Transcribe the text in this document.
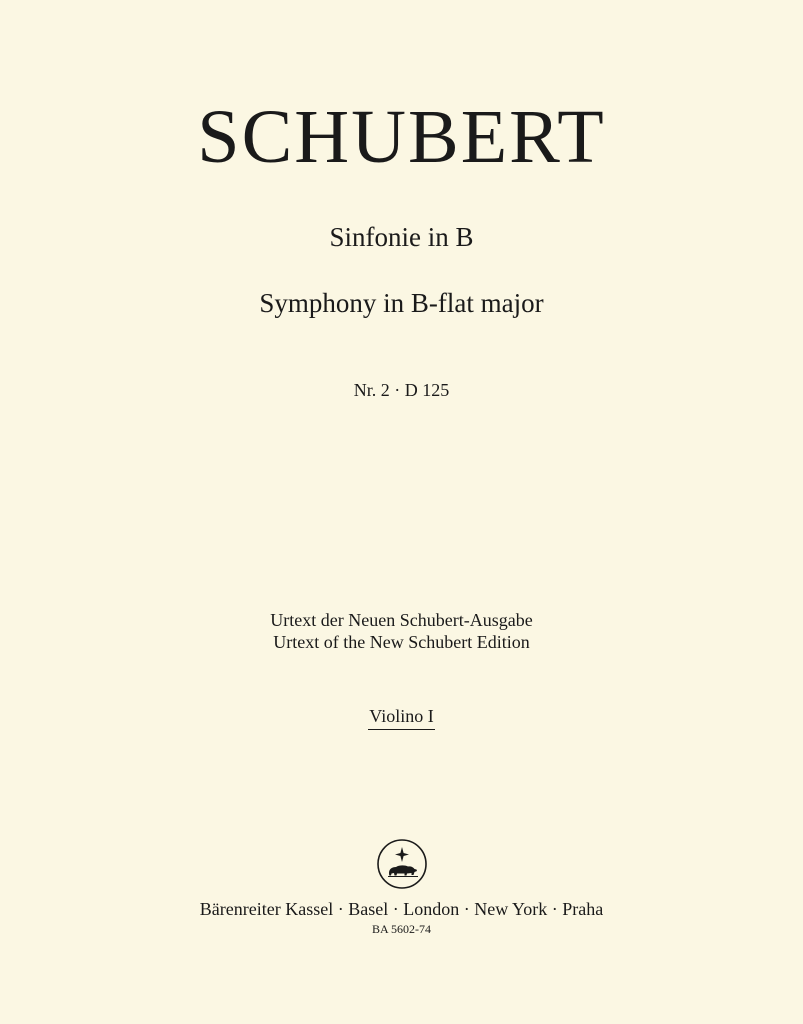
SCHUBERT
Sinfonie in B
Symphony in B-flat major
Nr. 2 · D 125
Urtext der Neuen Schubert-Ausgabe
Urtext of the New Schubert Edition
Violino I
Bärenreiter Kassel · Basel · London · New York · Praha
BA 5602-74
